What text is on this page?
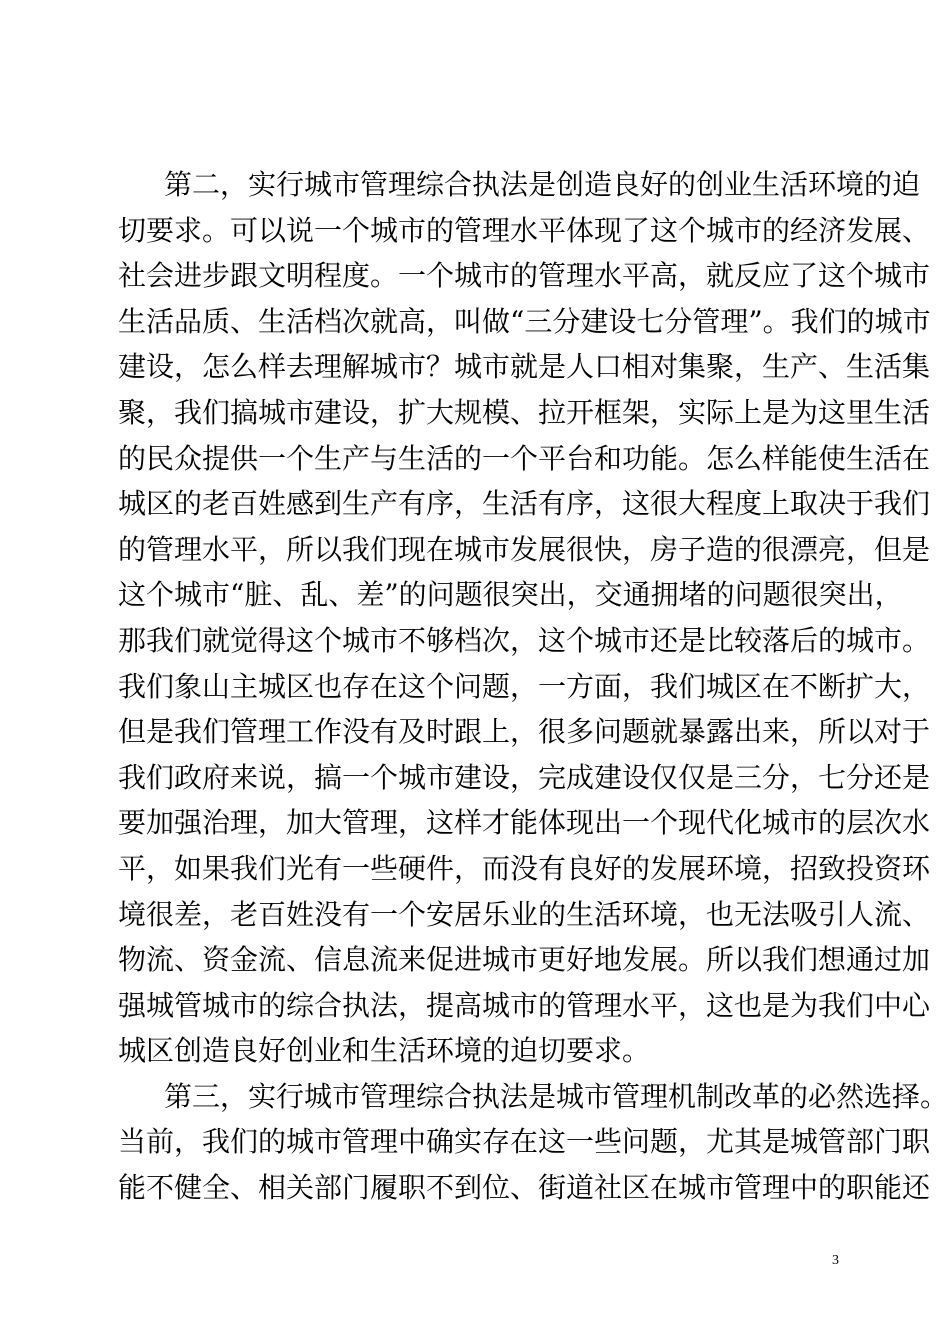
第二，实行城市管理综合执法是创造良好的创业生活环境的迫
切要求。可以说一个城市的管理水平体现了这个城市的经济发展、
社会进步跟文明程度。一个城市的管理水平高，就反应了这个城市
生活品质、生活档次就高，叫做“三分建设七分管理”。我们的城市
建设，怎么样去理解城市？城市就是人口相对集聚，生产、生活集
聚，我们搞城市建设，扩大规模、拉开框架，实际上是为这里生活
的民众提供一个生产与生活的一个平台和功能。怎么样能使生活在
城区的老百姓感到生产有序，生活有序，这很大程度上取决于我们
的管理水平，所以我们现在城市发展很快，房子造的很漂亮，但是
这个城市“脏、乱、差”的问题很突出，交通拥堵的问题很突出，
那我们就觉得这个城市不够档次，这个城市还是比较落后的城市。
我们象山主城区也存在这个问题，一方面，我们城区在不断扩大，
但是我们管理工作没有及时跟上，很多问题就暴露出来，所以对于
我们政府来说，搞一个城市建设，完成建设仅仅是三分，七分还是
要加强治理，加大管理，这样才能体现出一个现代化城市的层次水
平，如果我们光有一些硬件，而没有良好的发展环境，招致投资环
境很差，老百姓没有一个安居乐业的生活环境，也无法吸引人流、
物流、资金流、信息流来促进城市更好地发展。所以我们想通过加
强城管城市的综合执法，提高城市的管理水平，这也是为我们中心
城区创造良好创业和生活环境的迫切要求。
第三，实行城市管理综合执法是城市管理机制改革的必然选择。
当前，我们的城市管理中确实存在这一些问题，尤其是城管部门职
能不健全、相关部门履职不到位、街道社区在城市管理中的职能还
3
